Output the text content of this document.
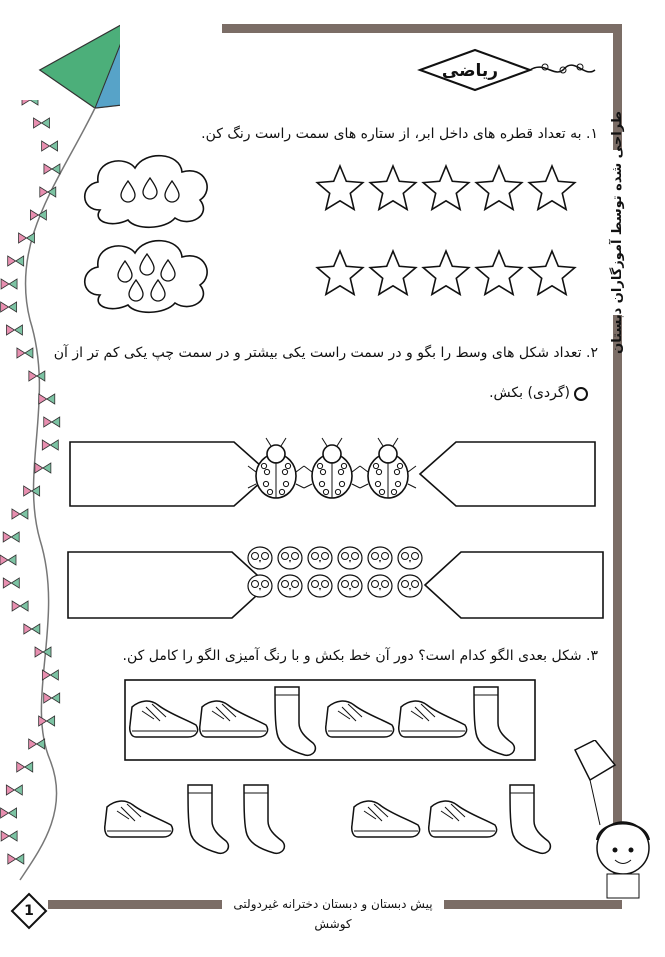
طراحی شده توسط آموزگاران دبستان
ریاضی
۱. به تعداد قطره های داخل ابر، از ستاره های سمت راست رنگ کن.
۲. تعداد شکل های وسط را بگو و در سمت راست یکی بیشتر و در سمت چپ یکی کم تر از آن
(گردی) بکش.
۳. شکل بعدی الگو کدام است؟ دور آن خط بکش و با رنگ آمیزی الگو را کامل کن.
پیش دبستان و دبستان دخترانه غیردولتی کوشش
1
